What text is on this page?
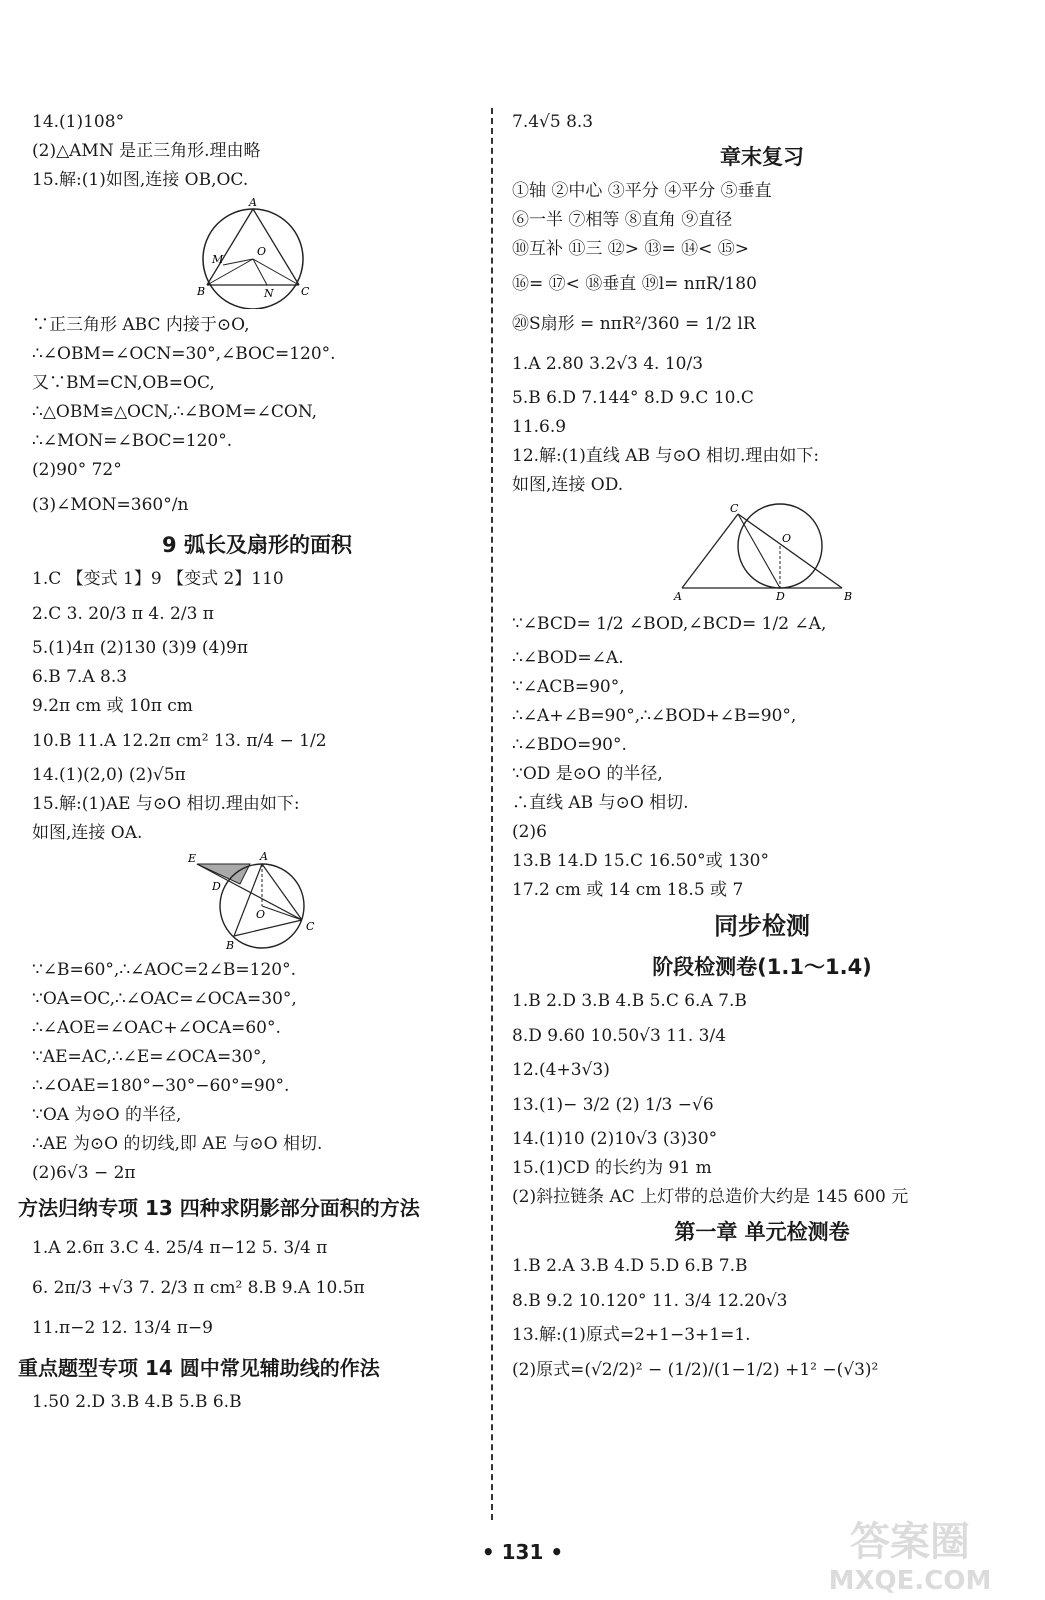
14.(1)108°
(2)△AMN 是正三角形.理由略
15.解:(1)如图,连接 OB,OC.
A
O
M
B	N C
∵正三角形 ABC 内接于⊙O,
∴∠OBM=∠OCN=30°,∠BOC=120°.
又∵BM=CN,OB=OC,
∴△OBM≌△OCN,∴∠BOM=∠CON,
∴∠MON=∠BOC=120°.
(2)90° 72°
(3)∠MON=360°/n
9 弧长及扇形的面积
1.C 【变式 1】9 【变式 2】110
2.C 3. 20/3 π 4. 2/3 π
5.(1)4π (2)130 (3)9 (4)9π
6.B 7.A 8.3
9.2π cm 或 10π cm
10.B 11.A 12.2π cm² 13. π/4 − 1/2
14.(1)(2,0) (2)√5π
15.解:(1)AE 与⊙O 相切.理由如下:
如图,连接 OA.
E	A
D
O
B
C
∵∠B=60°,∴∠AOC=2∠B=120°.
∵OA=OC,∴∠OAC=∠OCA=30°,
∴∠AOE=∠OAC+∠OCA=60°.
∵AE=AC,∴∠E=∠OCA=30°,
∴∠OAE=180°−30°−60°=90°.
∵OA 为⊙O 的半径,
∴AE 为⊙O 的切线,即 AE 与⊙O 相切.
(2)6√3 − 2π
方法归纳专项 13 四种求阴影部分面积的方法
1.A 2.6π 3.C 4. 25/4 π−12 5. 3/4 π
6. 2π/3 +√3 7. 2/3 π cm² 8.B 9.A 10.5π
11.π−2 12. 13/4 π−9
重点题型专项 14 圆中常见辅助线的作法
1.50 2.D 3.B 4.B 5.B 6.B
7.4√5 8.3
章末复习
①轴 ②中心 ③平分 ④平分 ⑤垂直
⑥一半 ⑦相等 ⑧直角 ⑨直径
⑩互补 ⑪三 ⑫> ⑬= ⑭< ⑮>
⑯= ⑰< ⑱垂直 ⑲l= nπR/180
⑳S扇形 = nπR²/360 = 1/2 lR
1.A 2.80 3.2√3 4. 10/3
5.B 6.D 7.144° 8.D 9.C 10.C
11.6.9
12.解:(1)直线 AB 与⊙O 相切.理由如下:
如图,连接 OD.
C
O
A	D	B
∵∠BCD= 1/2 ∠BOD,∠BCD= 1/2 ∠A,
∴∠BOD=∠A.
∵∠ACB=90°,
∴∠A+∠B=90°,∴∠BOD+∠B=90°,
∴∠BDO=90°.
∵OD 是⊙O 的半径,
∴直线 AB 与⊙O 相切.
(2)6
13.B 14.D 15.C 16.50°或 130°
17.2 cm 或 14 cm 18.5 或 7
同步检测
阶段检测卷(1.1～1.4)
1.B 2.D 3.B 4.B 5.C 6.A 7.B
8.D 9.60 10.50√3 11. 3/4
12.(4+3√3)
13.(1)− 3/2 (2) 1/3 −√6
14.(1)10 (2)10√3 (3)30°
15.(1)CD 的长约为 91 m
(2)斜拉链条 AC 上灯带的总造价大约是 145 600 元
第一章 单元检测卷
1.B 2.A 3.B 4.D 5.D 6.B 7.B
8.B 9.2 10.120° 11. 3/4 12.20√3
13.解:(1)原式=2+1−3+1=1.
(2)原式=(√2/2)² − (1/2)/(1−1/2) +1² −(√3)²
• 131 •	答案圈
MXQE.COM
